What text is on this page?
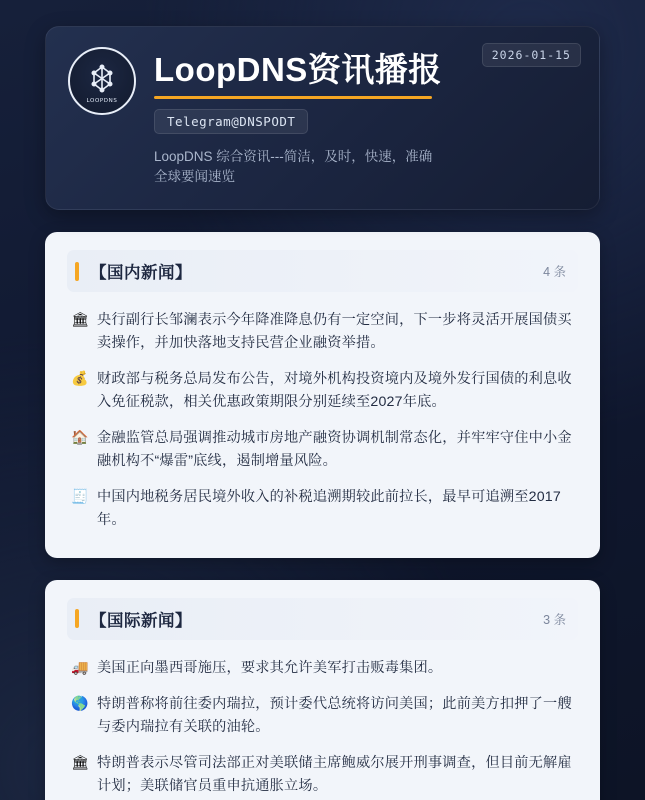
2026-01-15
LOOPDNS
LoopDNS资讯播报
Telegram@DNSPODT
LoopDNS 综合资讯---简洁，及时，快速，准确
全球要闻速览
【国内新闻】	4 条
🏛 央行副行长邹澜表示今年降准降息仍有一定空间，下一步将灵活开展国债买卖操作，并加快落地支持民营企业融资举措。
💰 财政部与税务总局发布公告，对境外机构投资境内及境外发行国债的利息收入免征税款，相关优惠政策期限分别延续至2027年底。
🏠 金融监管总局强调推动城市房地产融资协调机制常态化，并牢牢守住中小金融机构不“爆雷”底线，遏制增量风险。
🧾 中国内地税务居民境外收入的补税追溯期较此前拉长，最早可追溯至2017年。
【国际新闻】	3 条
🚚 美国正向墨西哥施压，要求其允许美军打击贩毒集团。
🌎 特朗普称将前往委内瑞拉，预计委代总统将访问美国；此前美方扣押了一艘与委内瑞拉有关联的油轮。
🏛 特朗普表示尽管司法部正对美联储主席鲍威尔展开刑事调查，但目前无解雇计划；美联储官员重申抗通胀立场。
